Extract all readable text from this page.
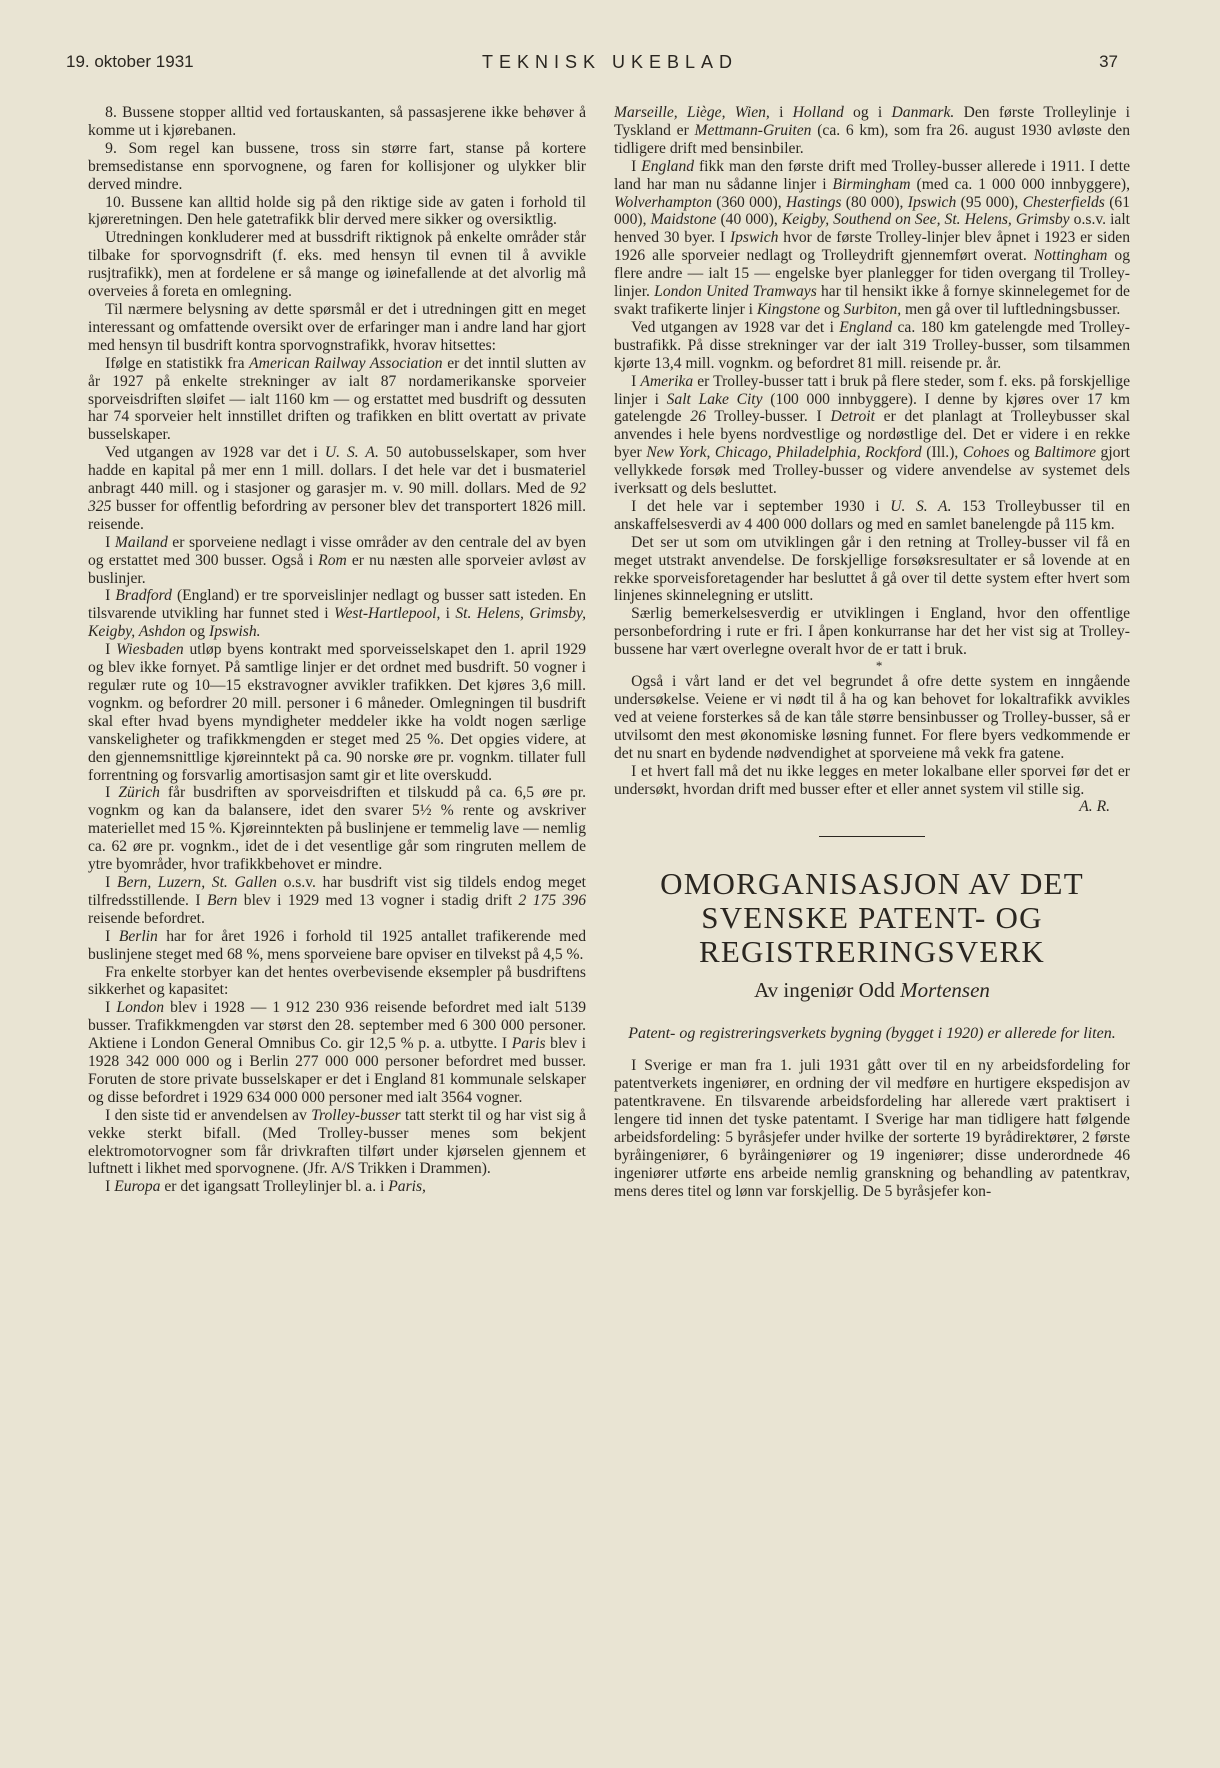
19. oktober 1931	TEKNISK UKEBLAD	37

8. Bussene stopper alltid ved fortauskanten, så passasjerene ikke behøver å komme ut i kjørebanen.

9. Som regel kan bussene, tross sin større fart, stanse på kortere bremsedistanse enn sporvognene, og faren for kollisjoner og ulykker blir derved mindre.

10. Bussene kan alltid holde sig på den riktige side av gaten i forhold til kjøreretningen. Den hele gatetrafikk blir derved mere sikker og oversiktlig.

Utredningen konkluderer med at bussdrift riktignok på enkelte områder står tilbake for sporvognsdrift (f. eks. med hensyn til evnen til å avvikle rusjtrafikk), men at fordelene er så mange og iøinefallende at det alvorlig må overveies å foreta en omlegning.

Til nærmere belysning av dette spørsmål er det i utredningen gitt en meget interessant og omfattende oversikt over de erfaringer man i andre land har gjort med hensyn til busdrift kontra sporvognstrafikk, hvorav hitsettes:

Ifølge en statistikk fra American Railway Association er det inntil slutten av år 1927 på enkelte strekninger av ialt 87 nordamerikanske sporveier sporveisdriften sløifet — ialt 1160 km — og erstattet med busdrift og dessuten har 74 sporveier helt innstillet driften og trafikken en blitt overtatt av private busselskaper.

Ved utgangen av 1928 var det i U. S. A. 50 autobusselskaper, som hver hadde en kapital på mer enn 1 mill. dollars. I det hele var det i busmateriel anbragt 440 mill. og i stasjoner og garasjer m. v. 90 mill. dollars. Med de 92 325 busser for offentlig befordring av personer blev det transportert 1826 mill. reisende.

I Mailand er sporveiene nedlagt i visse områder av den centrale del av byen og erstattet med 300 busser. Også i Rom er nu næsten alle sporveier avløst av buslinjer.

I Bradford (England) er tre sporveislinjer nedlagt og busser satt isteden. En tilsvarende utvikling har funnet sted i West-Hartlepool, i St. Helens, Grimsby, Keigby, Ashdon og Ipswish.

I Wiesbaden utløp byens kontrakt med sporveisselskapet den 1. april 1929 og blev ikke fornyet. På samtlige linjer er det ordnet med busdrift. 50 vogner i regulær rute og 10—15 ekstravogner avvikler trafikken. Det kjøres 3,6 mill. vognkm. og befordrer 20 mill. personer i 6 måneder. Omlegningen til busdrift skal efter hvad byens myndigheter meddeler ikke ha voldt nogen særlige vanskeligheter og trafikkmengden er steget med 25 %. Det opgies videre, at den gjennemsnittlige kjøreinntekt på ca. 90 norske øre pr. vognkm. tillater full forrentning og forsvarlig amortisasjon samt gir et lite overskudd.

I Zürich får busdriften av sporveisdriften et tilskudd på ca. 6,5 øre pr. vognkm og kan da balansere, idet den svarer 5½ % rente og avskriver materiellet med 15 %. Kjøreinntekten på buslinjene er temmelig lave — nemlig ca. 62 øre pr. vognkm., idet de i det vesentlige går som ringruten mellem de ytre byområder, hvor trafikkbehovet er mindre.

I Bern, Luzern, St. Gallen o.s.v. har busdrift vist sig tildels endog meget tilfredsstillende. I Bern blev i 1929 med 13 vogner i stadig drift 2 175 396 reisende befordret.

I Berlin har for året 1926 i forhold til 1925 antallet trafikerende med buslinjene steget med 68 %, mens sporveiene bare opviser en tilvekst på 4,5 %.

Fra enkelte storbyer kan det hentes overbevisende eksempler på busdriftens sikkerhet og kapasitet:

I London blev i 1928 — 1 912 230 936 reisende befordret med ialt 5139 busser. Trafikkmengden var størst den 28. september med 6 300 000 personer. Aktiene i London General Omnibus Co. gir 12,5 % p. a. utbytte. I Paris blev i 1928 342 000 000 og i Berlin 277 000 000 personer befordret med busser. Foruten de store private busselskaper er det i England 81 kommunale selskaper og disse befordret i 1929 634 000 000 personer med ialt 3564 vogner.

I den siste tid er anvendelsen av Trolley-busser tatt sterkt til og har vist sig å vekke sterkt bifall. (Med Trolley-busser menes som bekjent elektromotorvogner som får drivkraften tilført under kjørselen gjennem et luftnett i likhet med sporvognene. (Jfr. A/S Trikken i Drammen).

I Europa er det igangsatt Trolleylinjer bl. a. i Paris,

Marseille, Liège, Wien, i Holland og i Danmark. Den første Trolleylinje i Tyskland er Mettmann-Gruiten (ca. 6 km), som fra 26. august 1930 avløste den tidligere drift med bensinbiler.

I England fikk man den første drift med Trolley-busser allerede i 1911. I dette land har man nu sådanne linjer i Birmingham (med ca. 1 000 000 innbyggere), Wolverhampton (360 000), Hastings (80 000), Ipswich (95 000), Chesterfields (61 000), Maidstone (40 000), Keigby, Southend on See, St. Helens, Grimsby o.s.v. ialt henved 30 byer. I Ipswich hvor de første Trolley-linjer blev åpnet i 1923 er siden 1926 alle sporveier nedlagt og Trolleydrift gjennemført overat. Nottingham og flere andre — ialt 15 — engelske byer planlegger for tiden overgang til Trolley-linjer. London United Tramways har til hensikt ikke å fornye skinnelegemet for de svakt trafikerte linjer i Kingstone og Surbiton, men gå over til luftledningsbusser.

Ved utgangen av 1928 var det i England ca. 180 km gatelengde med Trolley-bustrafikk. På disse strekninger var der ialt 319 Trolley-busser, som tilsammen kjørte 13,4 mill. vognkm. og befordret 81 mill. reisende pr. år.

I Amerika er Trolley-busser tatt i bruk på flere steder, som f. eks. på forskjellige linjer i Salt Lake City (100 000 innbyggere). I denne by kjøres over 17 km gatelengde 26 Trolley-busser. I Detroit er det planlagt at Trolleybusser skal anvendes i hele byens nordvestlige og nordøstlige del. Det er videre i en rekke byer New York, Chicago, Philadelphia, Rockford (Ill.), Cohoes og Baltimore gjort vellykkede forsøk med Trolley-busser og videre anvendelse av systemet dels iverksatt og dels besluttet.

I det hele var i september 1930 i U. S. A. 153 Trolleybusser til en anskaffelsesverdi av 4 400 000 dollars og med en samlet banelengde på 115 km.

Det ser ut som om utviklingen går i den retning at Trolley-busser vil få en meget utstrakt anvendelse. De forskjellige forsøksresultater er så lovende at en rekke sporveisforetagender har besluttet å gå over til dette system efter hvert som linjenes skinnelegning er utslitt.

Særlig bemerkelsesverdig er utviklingen i England, hvor den offentlige personbefordring i rute er fri. I åpen konkurranse har det her vist sig at Trolley-bussene har vært overlegne overalt hvor de er tatt i bruk.

*

Også i vårt land er det vel begrundet å ofre dette system en inngående undersøkelse. Veiene er vi nødt til å ha og kan behovet for lokaltrafikk avvikles ved at veiene forsterkes så de kan tåle større bensinbusser og Trolley-busser, så er utvilsomt den mest økonomiske løsning funnet. For flere byers vedkommende er det nu snart en bydende nødvendighet at sporveiene må vekk fra gatene.

I et hvert fall må det nu ikke legges en meter lokalbane eller sporvei før det er undersøkt, hvordan drift med busser efter et eller annet system vil stille sig.

A. R.

OMORGANISASJON AV DET SVENSKE PATENT- OG REGISTRERINGSVERK

Av ingeniør Odd Mortensen

Patent- og registreringsverkets bygning (bygget i 1920) er allerede for liten.

I Sverige er man fra 1. juli 1931 gått over til en ny arbeidsfordeling for patentverkets ingeniører, en ordning der vil medføre en hurtigere ekspedisjon av patentkravene. En tilsvarende arbeidsfordeling har allerede vært praktisert i lengere tid innen det tyske patentamt. I Sverige har man tidligere hatt følgende arbeidsfordeling: 5 byråsjefer under hvilke der sorterte 19 byrådirektører, 2 første byråingeniører, 6 byråingeniører og 19 ingeniører; disse underordnede 46 ingeniører utførte ens arbeide nemlig granskning og behandling av patentkrav, mens deres titel og lønn var forskjellig. De 5 byråsjefer kon-
